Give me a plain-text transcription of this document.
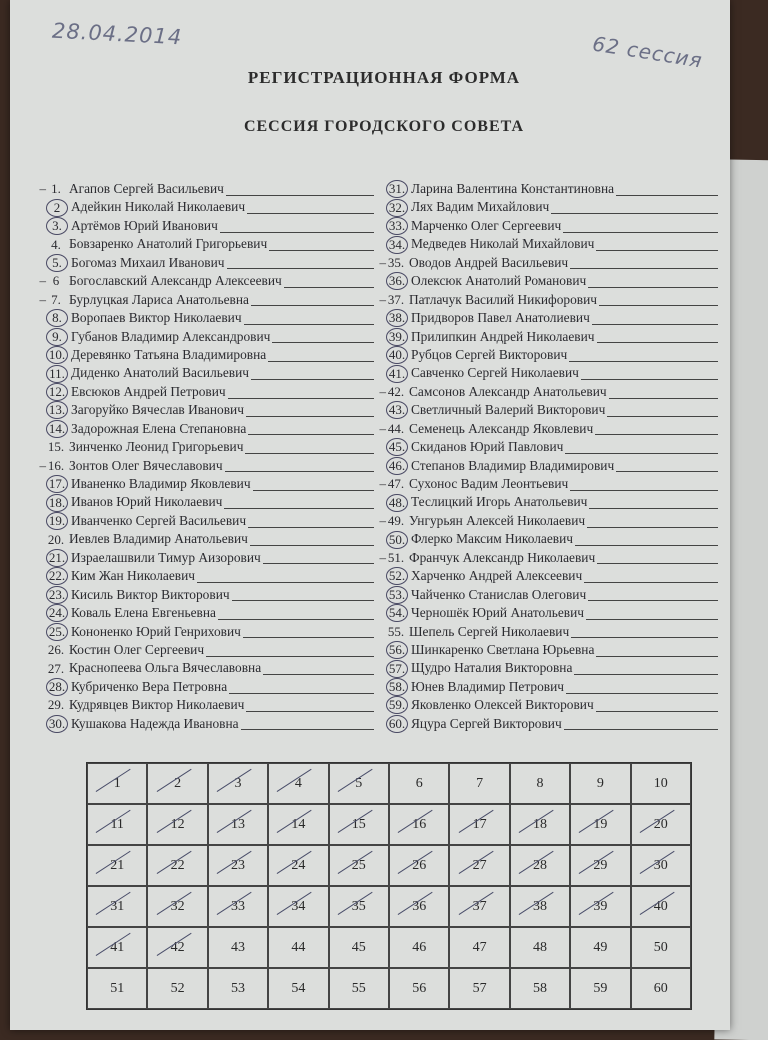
28.04.2014	62 сессия
РЕГИСТРАЦИОННАЯ ФОРМА
СЕССИЯ ГОРОДСКОГО СОВЕТА
– 1. Агапов Сергей Васильевич
2 Адейкин Николай Николаевич
3. Артёмов Юрий Иванович
4. Бовзаренко Анатолий Григорьевич
5. Богомаз Михаил Иванович
– 6 Богославский Александр Алексеевич
– 7. Бурлуцкая Лариса Анатольевна
8. Воропаев Виктор Николаевич
9. Губанов Владимир Александрович
10. Деревянко Татьяна Владимировна
11. Диденко Анатолий Васильевич
12. Евсюков Андрей Петрович
13. Загоруйко Вячеслав Иванович
14. Задорожная Елена Степановна
15. Зинченко Леонид Григорьевич
– 16. Зонтов Олег Вячеславович
17. Иваненко Владимир Яковлевич
18. Иванов Юрий Николаевич
19. Иванченко Сергей Васильевич
20. Иевлев Владимир Анатольевич
21. Израелашвили Тимур Аизорович
22. Ким Жан Николаевич
23. Кисиль Виктор Викторович
24. Коваль Елена Евгеньевна
25. Кононенко Юрий Генрихович
26. Костин Олег Сергеевич
27. Краснопеева Ольга Вячеславовна
28. Кубриченко Вера Петровна
29. Кудрявцев Виктор Николаевич
30. Кушакова Надежда Ивановна
31. Ларина Валентина Константиновна
32. Лях Вадим Михайлович
33. Марченко Олег Сергеевич
34. Медведев Николай Михайлович
– 35. Оводов Андрей Васильевич
36. Олексюк Анатолий Романович
– 37. Патлачук Василий Никифорович
38. Придворов Павел Анатолиевич
39. Прилипкин Андрей Николаевич
40. Рубцов Сергей Викторович
41. Савченко Сергей Николаевич
– 42. Самсонов Александр Анатольевич
43. Светличный Валерий Викторович
– 44. Семенець Александр Яковлевич
45. Скиданов Юрий Павлович
46. Степанов Владимир Владимирович
– 47. Сухонос Вадим Леонтьевич
48. Теслицкий Игорь Анатольевич
– 49. Унгурьян Алексей Николаевич
50. Флерко Максим Николаевич
– 51. Франчук Александр Николаевич
52. Харченко Андрей Алексеевич
53. Чайченко Станислав Олегович
54. Черношёк Юрий Анатольевич
55. Шепель Сергей Николаевич
56. Шинкаренко Светлана Юрьевна
57. Щудро Наталия Викторовна
58. Юнев Владимир Петрович
59. Яковленко Олексей Викторович
60. Яцура Сергей Викторович
1	2	3	4	5	6	7	8	9	10
11	12	13	14	15	16	17	18	19	20
21	22	23	24	25	26	27	28	29	30
31	32	33	34	35	36	37	38	39	40
41	42	43	44	45	46	47	48	49	50
51	52	53	54	55	56	57	58	59	60
